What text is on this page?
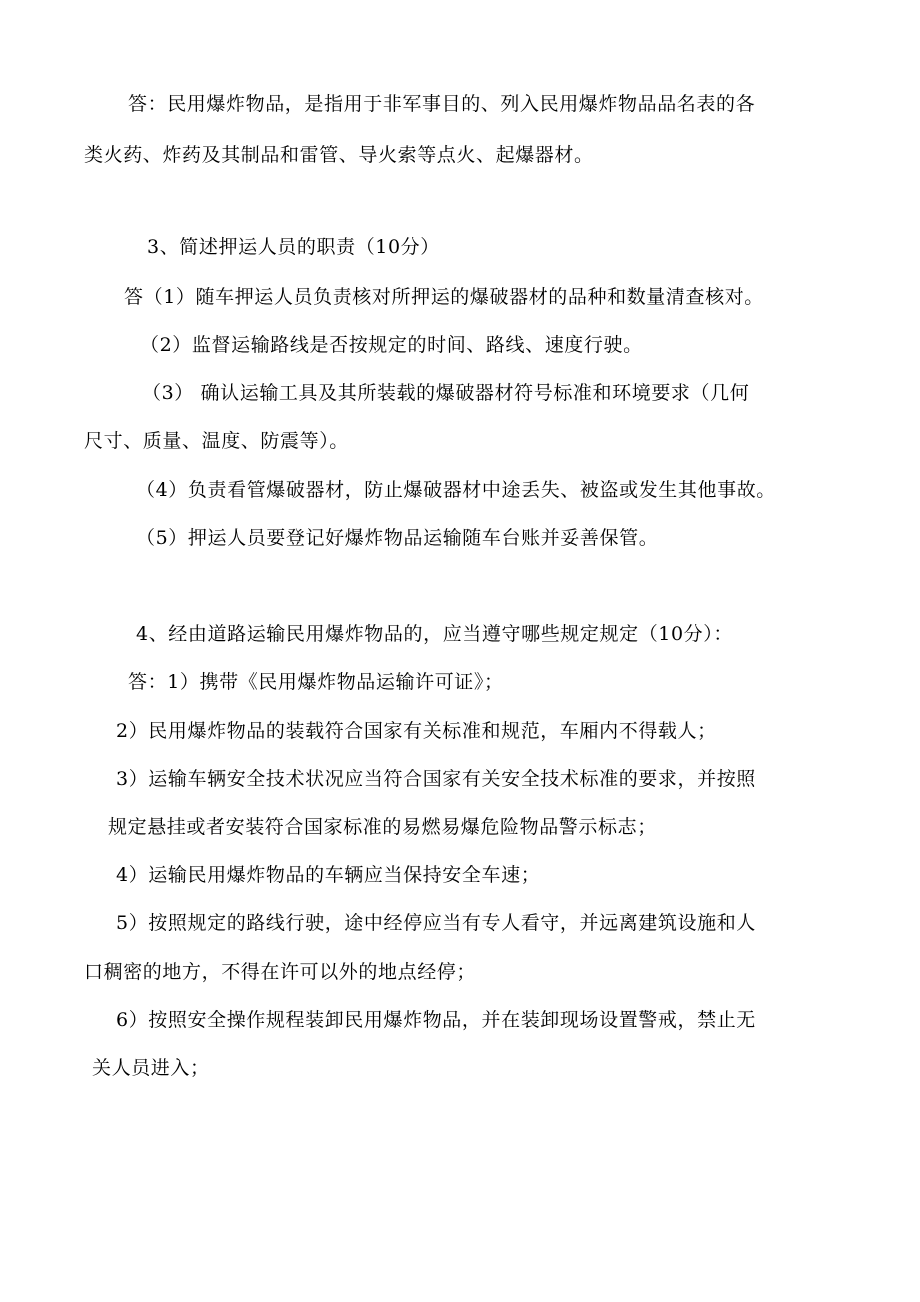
答：民用爆炸物品，是指用于非军事目的、列入民用爆炸物品品名表的各
类火药、炸药及其制品和雷管、导火索等点火、起爆器材。
3、简述押运人员的职责（10分）
答（1）随车押运人员负责核对所押运的爆破器材的品种和数量清查核对。
（2）监督运输路线是否按规定的时间、路线、速度行驶。
（3） 确认运输工具及其所装载的爆破器材符号标准和环境要求（几何
尺寸、质量、温度、防震等）。
（4）负责看管爆破器材，防止爆破器材中途丢失、被盗或发生其他事故。
（5）押运人员要登记好爆炸物品运输随车台账并妥善保管。
4、经由道路运输民用爆炸物品的，应当遵守哪些规定规定（10分）：
答：1）携带《民用爆炸物品运输许可证》；
2）民用爆炸物品的装载符合国家有关标准和规范，车厢内不得载人；
3）运输车辆安全技术状况应当符合国家有关安全技术标准的要求，并按照
规定悬挂或者安装符合国家标准的易燃易爆危险物品警示标志；
4）运输民用爆炸物品的车辆应当保持安全车速；
5）按照规定的路线行驶，途中经停应当有专人看守，并远离建筑设施和人
口稠密的地方，不得在许可以外的地点经停；
6）按照安全操作规程装卸民用爆炸物品，并在装卸现场设置警戒，禁止无
关人员进入；
